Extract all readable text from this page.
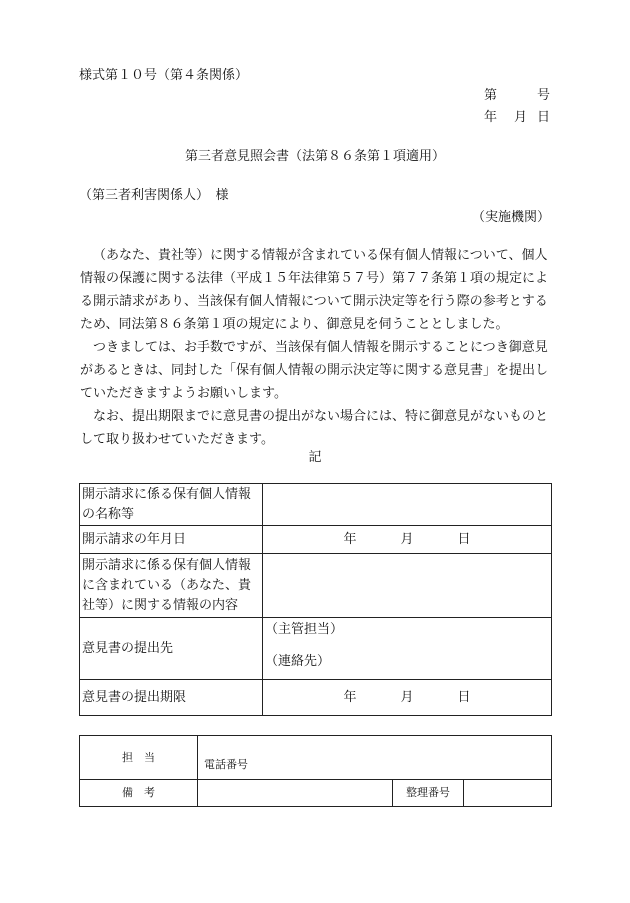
様式第１０号（第４条関係）
第	号
年 月 日
第三者意見照会書（法第８６条第１項適用）
（第三者利害関係人）　様
（実施機関）

（あなた、貴社等）に関する情報が含まれている保有個人情報について、個人情報の保護に関する法律（平成１５年法律第５７号）第７７条第１項の規定による開示請求があり、当該保有個人情報について開示決定等を行う際の参考とするため、同法第８６条第１項の規定により、御意見を伺うこととしました。

つきましては、お手数ですが、当該保有個人情報を開示することにつき御意見があるときは、同封した「保有個人情報の開示決定等に関する意見書」を提出していただきますようお願いします。

なお、提出期限までに意見書の提出がない場合には、特に御意見がないものとして取り扱わせていただきます。

記
開示請求に係る保有個人情報の名称等	
開示請求の年月日	年 月 日

開示請求に係る保有個人情報に含まれている（あなた、貴社等）に関する情報の内容	
意見書の提出先	（主管担当）
（連絡先）

意見書の提出期限	年 月 日
担　当	電話番号		
備　考		整理番号	
